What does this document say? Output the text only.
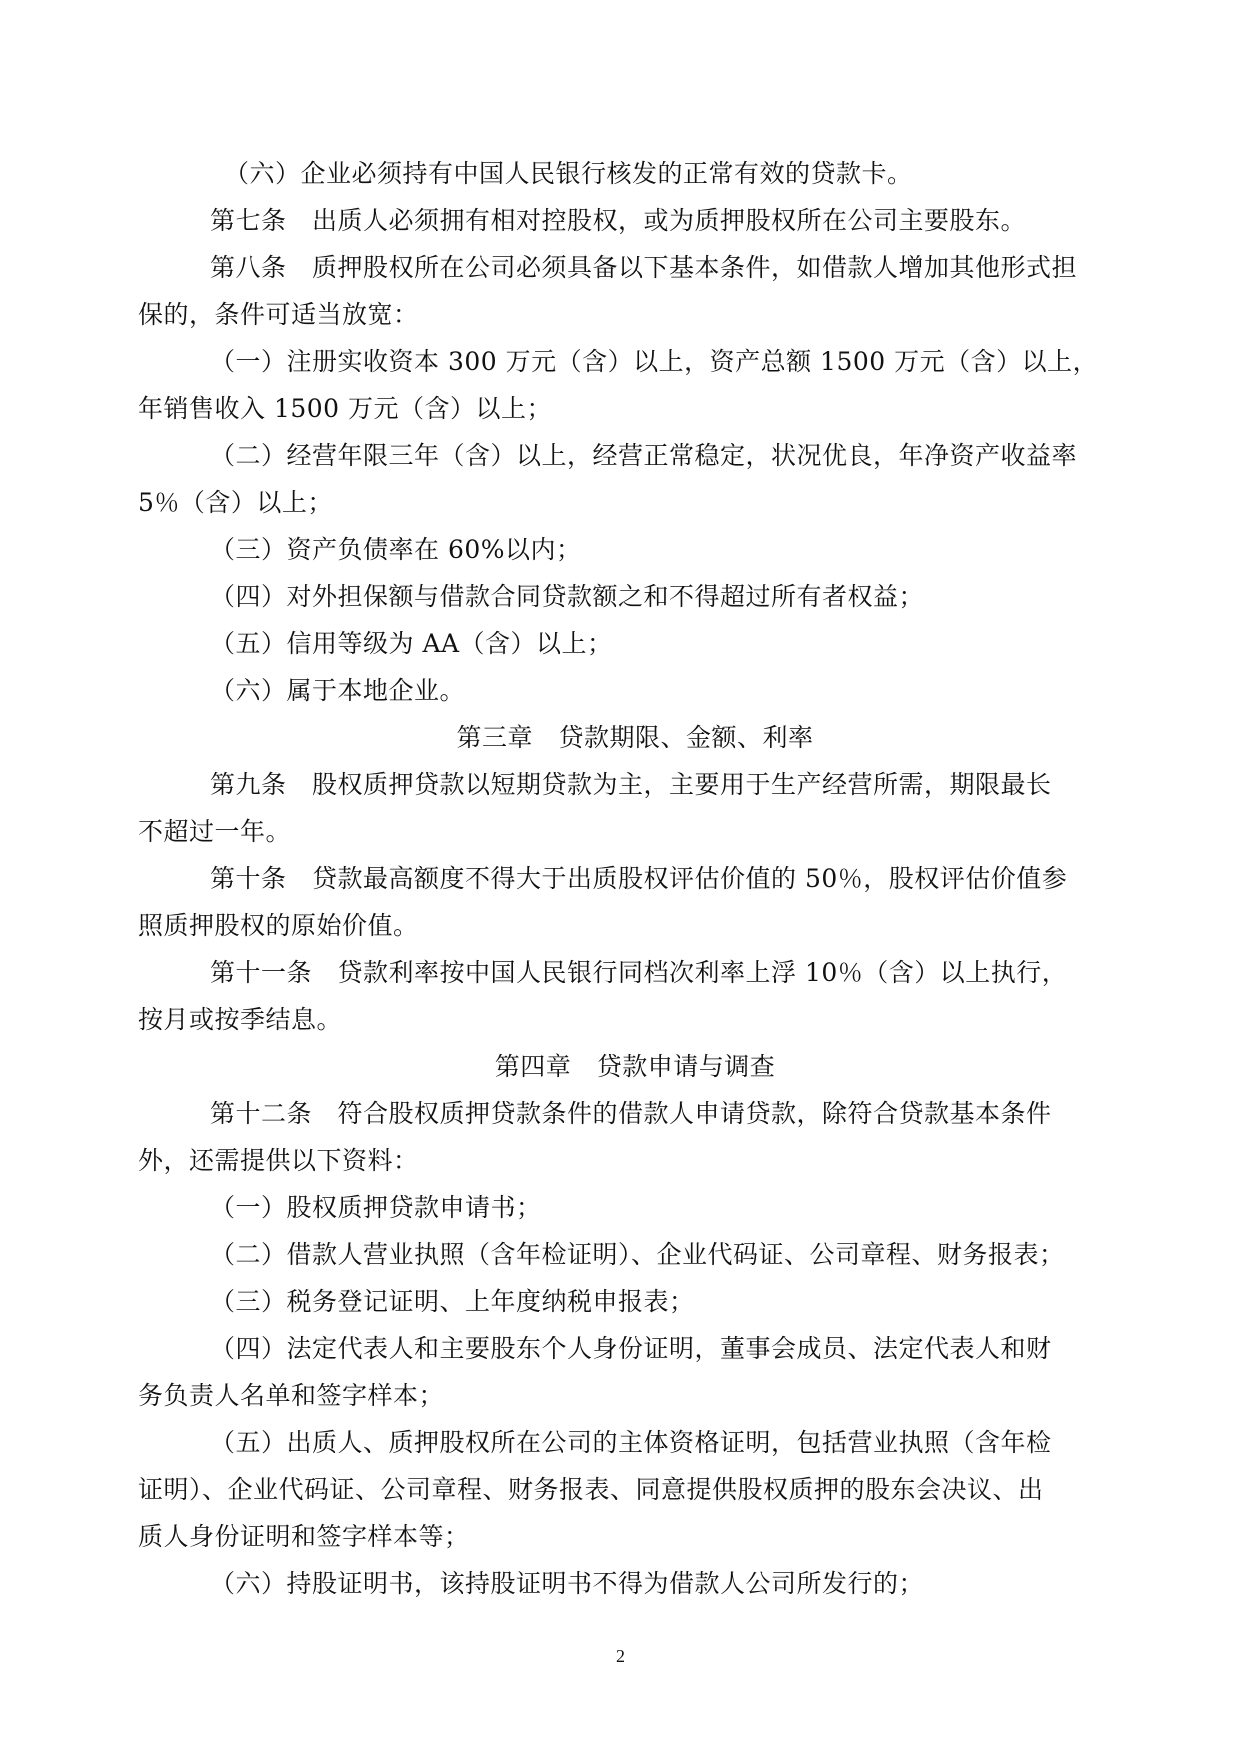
（六）企业必须持有中国人民银行核发的正常有效的贷款卡。

第七条　出质人必须拥有相对控股权，或为质押股权所在公司主要股东。

第八条　质押股权所在公司必须具备以下基本条件，如借款人增加其他形式担

保的，条件可适当放宽：

（一）注册实收资本 300 万元（含）以上，资产总额 1500 万元（含）以上，

年销售收入 1500 万元（含）以上；

（二）经营年限三年（含）以上，经营正常稳定，状况优良，年净资产收益率

5％（含）以上；

（三）资产负债率在 60%以内；

（四）对外担保额与借款合同贷款额之和不得超过所有者权益；

（五）信用等级为 AA（含）以上；

（六）属于本地企业。

第三章　贷款期限、金额、利率

第九条　股权质押贷款以短期贷款为主，主要用于生产经营所需，期限最长

不超过一年。

第十条　贷款最高额度不得大于出质股权评估价值的 50％，股权评估价值参

照质押股权的原始价值。

第十一条　贷款利率按中国人民银行同档次利率上浮 10％（含）以上执行，

按月或按季结息。

第四章　贷款申请与调查

第十二条　符合股权质押贷款条件的借款人申请贷款，除符合贷款基本条件

外，还需提供以下资料：

（一）股权质押贷款申请书；

（二）借款人营业执照（含年检证明）、企业代码证、公司章程、财务报表；

（三）税务登记证明、上年度纳税申报表；

（四）法定代表人和主要股东个人身份证明，董事会成员、法定代表人和财

务负责人名单和签字样本；

（五）出质人、质押股权所在公司的主体资格证明，包括营业执照（含年检

证明）、企业代码证、公司章程、财务报表、同意提供股权质押的股东会决议、出

质人身份证明和签字样本等；

（六）持股证明书，该持股证明书不得为借款人公司所发行的；

2
